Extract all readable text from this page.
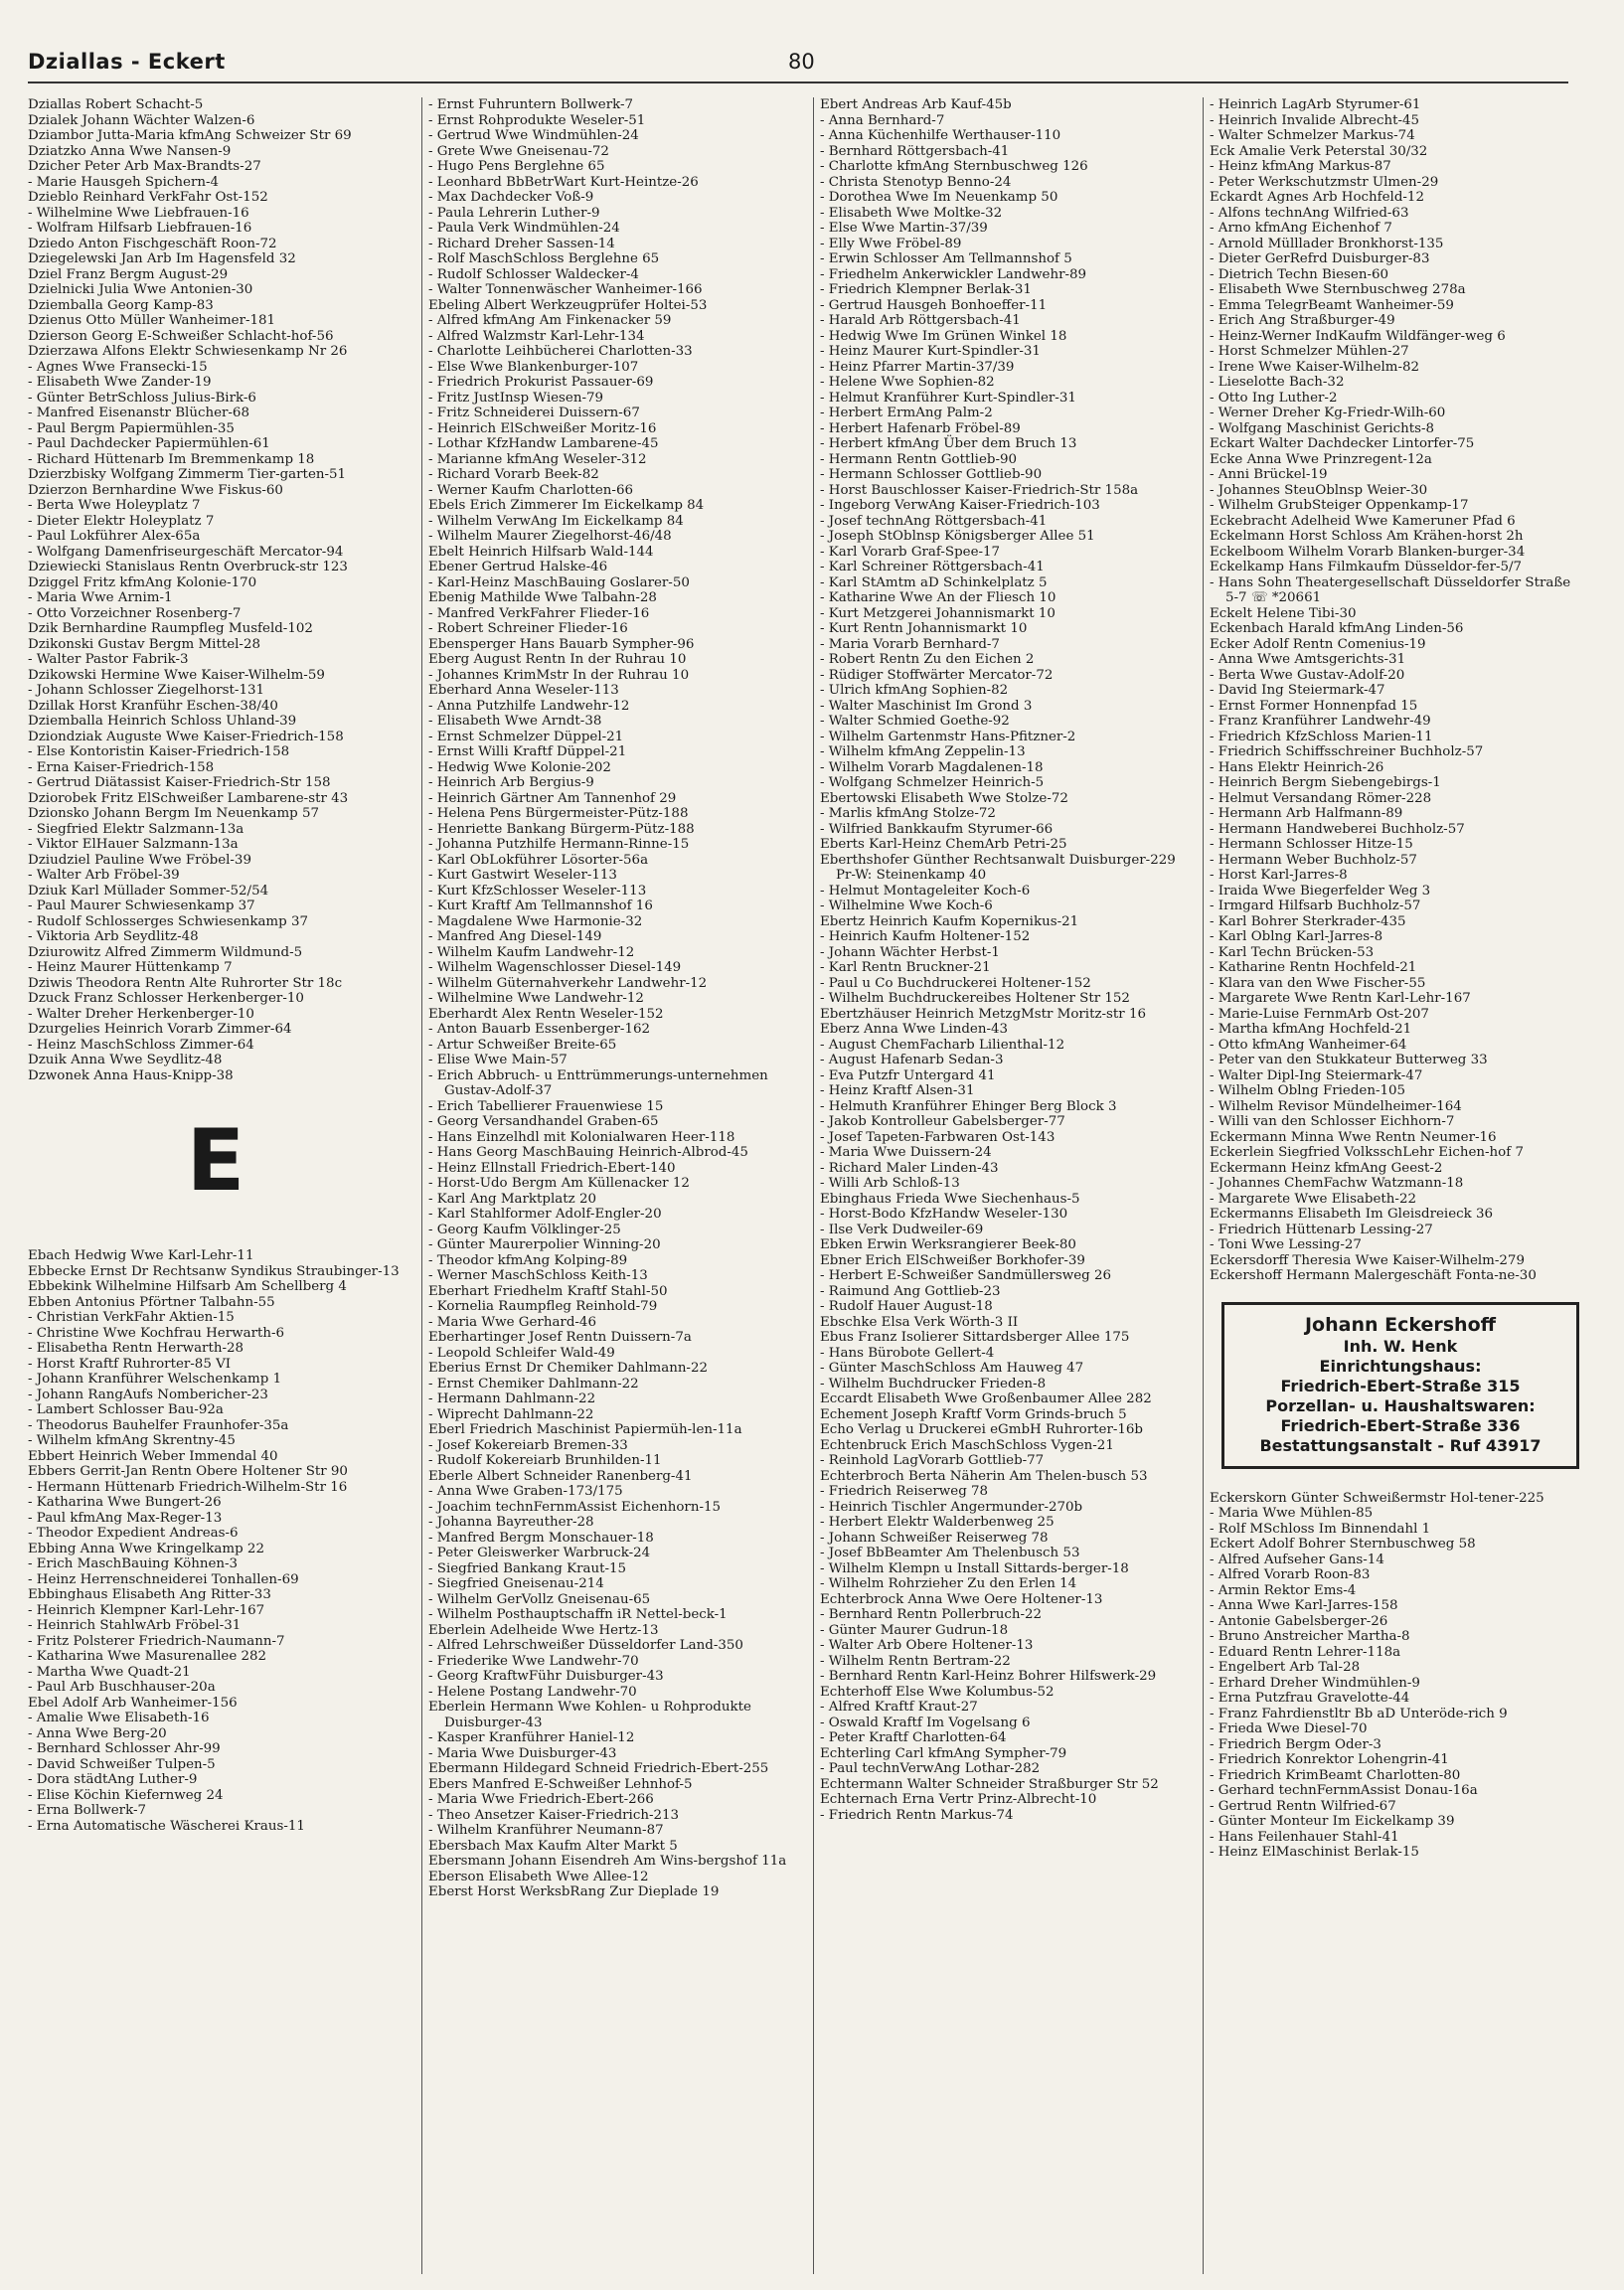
Dziallas - Eckert	80

Dziallas Robert Schacht-5

Dzialek Johann Wächter Walzen-6

Dziambor Jutta-Maria kfmAng Schweizer Str 69

Dziatzko Anna Wwe Nansen-9

Dzicher Peter Arb Max-Brandts-27

- Marie Hausgeh Spichern-4

Dzieblo Reinhard VerkFahr Ost-152

- Wilhelmine Wwe Liebfrauen-16

- Wolfram Hilfsarb Liebfrauen-16

Dziedo Anton Fischgeschäft Roon-72

Dziegelewski Jan Arb Im Hagensfeld 32

Dziel Franz Bergm August-29

Dzielnicki Julia Wwe Antonien-30

Dziemballa Georg Kamp-83

Dzienus Otto Müller Wanheimer-181

Dzierson Georg E-Schweißer Schlacht-hof-56

Dzierzawa Alfons Elektr Schwiesenkamp Nr 26

- Agnes Wwe Fransecki-15

- Elisabeth Wwe Zander-19

- Günter BetrSchloss Julius-Birk-6

- Manfred Eisenanstr Blücher-68

- Paul Bergm Papiermühlen-35

- Paul Dachdecker Papiermühlen-61

- Richard Hüttenarb Im Bremmenkamp 18

Dzierzbisky Wolfgang Zimmerm Tier-garten-51

Dzierzon Bernhardine Wwe Fiskus-60

- Berta Wwe Holeyplatz 7

- Dieter Elektr Holeyplatz 7

- Paul Lokführer Alex-65a

- Wolfgang Damenfriseurgeschäft Mercator-94

Dziewiecki Stanislaus Rentn Overbruck-str 123

Dziggel Fritz kfmAng Kolonie-170

- Maria Wwe Arnim-1

- Otto Vorzeichner Rosenberg-7

Dzik Bernhardine Raumpfleg Musfeld-102

Dzikonski Gustav Bergm Mittel-28

- Walter Pastor Fabrik-3

Dzikowski Hermine Wwe Kaiser-Wilhelm-59

- Johann Schlosser Ziegelhorst-131

Dzillak Horst Kranführ Eschen-38/40

Dziemballa Heinrich Schloss Uhland-39

Dziondziak Auguste Wwe Kaiser-Friedrich-158

- Else Kontoristin Kaiser-Friedrich-158

- Erna Kaiser-Friedrich-158

- Gertrud Diätassist Kaiser-Friedrich-Str 158

Dziorobek Fritz ElSchweißer Lambarene-str 43

Dzionsko Johann Bergm Im Neuenkamp 57

- Siegfried Elektr Salzmann-13a

- Viktor ElHauer Salzmann-13a

Dziudziel Pauline Wwe Fröbel-39

- Walter Arb Fröbel-39

Dziuk Karl Müllader Sommer-52/54

- Paul Maurer Schwiesenkamp 37

- Rudolf Schlosserges Schwiesenkamp 37

- Viktoria Arb Seydlitz-48

Dziurowitz Alfred Zimmerm Wildmund-5

- Heinz Maurer Hüttenkamp 7

Dziwis Theodora Rentn Alte Ruhrorter Str 18c

Dzuck Franz Schlosser Herkenberger-10

- Walter Dreher Herkenberger-10

Dzurgelies Heinrich Vorarb Zimmer-64

- Heinz MaschSchloss Zimmer-64

Dzuik Anna Wwe Seydlitz-48

Dzwonek Anna Haus-Knipp-38

E

Ebach Hedwig Wwe Karl-Lehr-11

Ebbecke Ernst Dr Rechtsanw Syndikus Straubinger-13

Ebbekink Wilhelmine Hilfsarb Am Schellberg 4

Ebben Antonius Pförtner Talbahn-55

- Christian VerkFahr Aktien-15

- Christine Wwe Kochfrau Herwarth-6

- Elisabetha Rentn Herwarth-28

- Horst Kraftf Ruhrorter-85 VI

- Johann Kranführer Welschenkamp 1

- Johann RangAufs Nombericher-23

- Lambert Schlosser Bau-92a

- Theodorus Bauhelfer Fraunhofer-35a

- Wilhelm kfmAng Skrentny-45

Ebbert Heinrich Weber Immendal 40

Ebbers Gerrit-Jan Rentn Obere Holtener Str 90

- Hermann Hüttenarb Friedrich-Wilhelm-Str 16

- Katharina Wwe Bungert-26

- Paul kfmAng Max-Reger-13

- Theodor Expedient Andreas-6

Ebbing Anna Wwe Kringelkamp 22

- Erich MaschBauing Köhnen-3

- Heinz Herrenschneiderei Tonhallen-69

Ebbinghaus Elisabeth Ang Ritter-33

- Heinrich Klempner Karl-Lehr-167

- Heinrich StahlwArb Fröbel-31

- Fritz Polsterer Friedrich-Naumann-7

- Katharina Wwe Masurenallee 282

- Martha Wwe Quadt-21

- Paul Arb Buschhauser-20a

Ebel Adolf Arb Wanheimer-156

- Amalie Wwe Elisabeth-16

- Anna Wwe Berg-20

- Bernhard Schlosser Ahr-99

- David Schweißer Tulpen-5

- Dora städtAng Luther-9

- Elise Köchin Kiefernweg 24

- Erna Bollwerk-7

- Erna Automatische Wäscherei Kraus-11

- Ernst Fuhruntern Bollwerk-7

- Ernst Rohprodukte Weseler-51

- Gertrud Wwe Windmühlen-24

- Grete Wwe Gneisenau-72

- Hugo Pens Berglehne 65

- Leonhard BbBetrWart Kurt-Heintze-26

- Max Dachdecker Voß-9

- Paula Lehrerin Luther-9

- Paula Verk Windmühlen-24

- Richard Dreher Sassen-14

- Rolf MaschSchloss Berglehne 65

- Rudolf Schlosser Waldecker-4

- Walter Tonnenwäscher Wanheimer-166

Ebeling Albert Werkzeugprüfer Holtei-53

- Alfred kfmAng Am Finkenacker 59

- Alfred Walzmstr Karl-Lehr-134

- Charlotte Leihbücherei Charlotten-33

- Else Wwe Blankenburger-107

- Friedrich Prokurist Passauer-69

- Fritz JustInsp Wiesen-79

- Fritz Schneiderei Duissern-67

- Heinrich ElSchweißer Moritz-16

- Lothar KfzHandw Lambarene-45

- Marianne kfmAng Weseler-312

- Richard Vorarb Beek-82

- Werner Kaufm Charlotten-66

Ebels Erich Zimmerer Im Eickelkamp 84

- Wilhelm VerwAng Im Eickelkamp 84

- Wilhelm Maurer Ziegelhorst-46/48

Ebelt Heinrich Hilfsarb Wald-144

Ebener Gertrud Halske-46

- Karl-Heinz MaschBauing Goslarer-50

Ebenig Mathilde Wwe Talbahn-28

- Manfred VerkFahrer Flieder-16

- Robert Schreiner Flieder-16

Ebensperger Hans Bauarb Sympher-96

Eberg August Rentn In der Ruhrau 10

- Johannes KrimMstr In der Ruhrau 10

Eberhard Anna Weseler-113

- Anna Putzhilfe Landwehr-12

- Elisabeth Wwe Arndt-38

- Ernst Schmelzer Düppel-21

- Ernst Willi Kraftf Düppel-21

- Hedwig Wwe Kolonie-202

- Heinrich Arb Bergius-9

- Heinrich Gärtner Am Tannenhof 29

- Helena Pens Bürgermeister-Pütz-188

- Henriette Bankang Bürgerm-Pütz-188

- Johanna Putzhilfe Hermann-Rinne-15

- Karl ObLokführer Lösorter-56a

- Kurt Gastwirt Weseler-113

- Kurt KfzSchlosser Weseler-113

- Kurt Kraftf Am Tellmannshof 16

- Magdalene Wwe Harmonie-32

- Manfred Ang Diesel-149

- Wilhelm Kaufm Landwehr-12

- Wilhelm Wagenschlosser Diesel-149

- Wilhelm Güternahverkehr Landwehr-12

- Wilhelmine Wwe Landwehr-12

Eberhardt Alex Rentn Weseler-152

- Anton Bauarb Essenberger-162

- Artur Schweißer Breite-65

- Elise Wwe Main-57

- Erich Abbruch- u Enttrümmerungs-unternehmen Gustav-Adolf-37

- Erich Tabellierer Frauenwiese 15

- Georg Versandhandel Graben-65

- Hans Einzelhdl mit Kolonialwaren Heer-118

- Hans Georg MaschBauing Heinrich-Albrod-45

- Heinz Ellnstall Friedrich-Ebert-140

- Horst-Udo Bergm Am Küllenacker 12

- Karl Ang Marktplatz 20

- Karl Stahlformer Adolf-Engler-20

- Georg Kaufm Völklinger-25

- Günter Maurerpolier Winning-20

- Theodor kfmAng Kolping-89

- Werner MaschSchloss Keith-13

Eberhart Friedhelm Kraftf Stahl-50

- Kornelia Raumpfleg Reinhold-79

- Maria Wwe Gerhard-46

Eberhartinger Josef Rentn Duissern-7a

- Leopold Schleifer Wald-49

Eberius Ernst Dr Chemiker Dahlmann-22

- Ernst Chemiker Dahlmann-22

- Hermann Dahlmann-22

- Wiprecht Dahlmann-22

Eberl Friedrich Maschinist Papiermüh-len-11a

- Josef Kokereiarb Bremen-33

- Rudolf Kokereiarb Brunhilden-11

Eberle Albert Schneider Ranenberg-41

- Anna Wwe Graben-173/175

- Joachim technFernmAssist Eichenhorn-15

- Johanna Bayreuther-28

- Manfred Bergm Monschauer-18

- Peter Gleiswerker Warbruck-24

- Siegfried Bankang Kraut-15

- Siegfried Gneisenau-214

- Wilhelm GerVollz Gneisenau-65

- Wilhelm Posthauptschaffn iR Nettel-beck-1

Eberlein Adelheide Wwe Hertz-13

- Alfred Lehrschweißer Düsseldorfer Land-350

- Friederike Wwe Landwehr-70

- Georg KraftwFühr Duisburger-43

- Helene Postang Landwehr-70

Eberlein Hermann Wwe Kohlen- u Rohprodukte Duisburger-43

- Kasper Kranführer Haniel-12

- Maria Wwe Duisburger-43

Ebermann Hildegard Schneid Friedrich-Ebert-255

Ebers Manfred E-Schweißer Lehnhof-5

- Maria Wwe Friedrich-Ebert-266

- Theo Ansetzer Kaiser-Friedrich-213

- Wilhelm Kranführer Neumann-87

Ebersbach Max Kaufm Alter Markt 5

Ebersmann Johann Eisendreh Am Wins-bergshof 11a

Eberson Elisabeth Wwe Allee-12

Eberst Horst WerksbRang Zur Dieplade 19

Ebert Andreas Arb Kauf-45b

- Anna Bernhard-7

- Anna Küchenhilfe Werthauser-110

- Bernhard Röttgersbach-41

- Charlotte kfmAng Sternbuschweg 126

- Christa Stenotyp Benno-24

- Dorothea Wwe Im Neuenkamp 50

- Elisabeth Wwe Moltke-32

- Else Wwe Martin-37/39

- Elly Wwe Fröbel-89

- Erwin Schlosser Am Tellmannshof 5

- Friedhelm Ankerwickler Landwehr-89

- Friedrich Klempner Berlak-31

- Gertrud Hausgeh Bonhoeffer-11

- Harald Arb Röttgersbach-41

- Hedwig Wwe Im Grünen Winkel 18

- Heinz Maurer Kurt-Spindler-31

- Heinz Pfarrer Martin-37/39

- Helene Wwe Sophien-82

- Helmut Kranführer Kurt-Spindler-31

- Herbert ErmAng Palm-2

- Herbert Hafenarb Fröbel-89

- Herbert kfmAng Über dem Bruch 13

- Hermann Rentn Gottlieb-90

- Hermann Schlosser Gottlieb-90

- Horst Bauschlosser Kaiser-Friedrich-Str 158a

- Ingeborg VerwAng Kaiser-Friedrich-103

- Josef technAng Röttgersbach-41

- Joseph StOblnsp Königsberger Allee 51

- Karl Vorarb Graf-Spee-17

- Karl Schreiner Röttgersbach-41

- Karl StAmtm aD Schinkelplatz 5

- Katharine Wwe An der Fliesch 10

- Kurt Metzgerei Johannismarkt 10

- Kurt Rentn Johannismarkt 10

- Maria Vorarb Bernhard-7

- Robert Rentn Zu den Eichen 2

- Rüdiger Stoffwärter Mercator-72

- Ulrich kfmAng Sophien-82

- Walter Maschinist Im Grond 3

- Walter Schmied Goethe-92

- Wilhelm Gartenmstr Hans-Pfitzner-2

- Wilhelm kfmAng Zeppelin-13

- Wilhelm Vorarb Magdalenen-18

- Wolfgang Schmelzer Heinrich-5

Ebertowski Elisabeth Wwe Stolze-72

- Marlis kfmAng Stolze-72

- Wilfried Bankkaufm Styrumer-66

Eberts Karl-Heinz ChemArb Petri-25

Eberthshofer Günther Rechtsanwalt Duisburger-229 Pr-W: Steinenkamp 40

- Helmut Montageleiter Koch-6

- Wilhelmine Wwe Koch-6

Ebertz Heinrich Kaufm Kopernikus-21

- Heinrich Kaufm Holtener-152

- Johann Wächter Herbst-1

- Karl Rentn Bruckner-21

- Paul u Co Buchdruckerei Holtener-152

- Wilhelm Buchdruckereibes Holtener Str 152

Ebertzhäuser Heinrich MetzgMstr Moritz-str 16

Eberz Anna Wwe Linden-43

- August ChemFacharb Lilienthal-12

- August Hafenarb Sedan-3

- Eva Putzfr Untergard 41

- Heinz Kraftf Alsen-31

- Helmuth Kranführer Ehinger Berg Block 3

- Jakob Kontrolleur Gabelsberger-77

- Josef Tapeten-Farbwaren Ost-143

- Maria Wwe Duissern-24

- Richard Maler Linden-43

- Willi Arb Schloß-13

Ebinghaus Frieda Wwe Siechenhaus-5

- Horst-Bodo KfzHandw Weseler-130

- Ilse Verk Dudweiler-69

Ebken Erwin Werksrangierer Beek-80

Ebner Erich ElSchweißer Borkhofer-39

- Herbert E-Schweißer Sandmüllersweg 26

- Raimund Ang Gottlieb-23

- Rudolf Hauer August-18

Ebschke Elsa Verk Wörth-3 II

Ebus Franz Isolierer Sittardsberger Allee 175

- Hans Bürobote Gellert-4

- Günter MaschSchloss Am Hauweg 47

- Wilhelm Buchdrucker Frieden-8

Eccardt Elisabeth Wwe Großenbaumer Allee 282

Echement Joseph Kraftf Vorm Grinds-bruch 5

Echo Verlag u Druckerei eGmbH Ruhrorter-16b

Echtenbruck Erich MaschSchloss Vygen-21

- Reinhold LagVorarb Gottlieb-77

Echterbroch Berta Näherin Am Thelen-busch 53

- Friedrich Reiserweg 78

- Heinrich Tischler Angermunder-270b

- Herbert Elektr Walderbenweg 25

- Johann Schweißer Reiserweg 78

- Josef BbBeamter Am Thelenbusch 53

- Wilhelm Klempn u Install Sittards-berger-18

- Wilhelm Rohrzieher Zu den Erlen 14

Echterbrock Anna Wwe Oere Holtener-13

- Bernhard Rentn Pollerbruch-22

- Günter Maurer Gudrun-18

- Walter Arb Obere Holtener-13

- Wilhelm Rentn Bertram-22

- Bernhard Rentn Karl-Heinz Bohrer Hilfswerk-29

Echterhoff Else Wwe Kolumbus-52

- Alfred Kraftf Kraut-27

- Oswald Kraftf Im Vogelsang 6

- Peter Kraftf Charlotten-64

Echterling Carl kfmAng Sympher-79

- Paul technVerwAng Lothar-282

Echtermann Walter Schneider Straßburger Str 52

Echternach Erna Vertr Prinz-Albrecht-10

- Friedrich Rentn Markus-74

- Heinrich LagArb Styrumer-61

- Heinrich Invalide Albrecht-45

- Walter Schmelzer Markus-74

Eck Amalie Verk Peterstal 30/32

- Heinz kfmAng Markus-87

- Peter Werkschutzmstr Ulmen-29

Eckardt Agnes Arb Hochfeld-12

- Alfons technAng Wilfried-63

- Arno kfmAng Eichenhof 7

- Arnold Mülllader Bronkhorst-135

- Dieter GerRefrd Duisburger-83

- Dietrich Techn Biesen-60

- Elisabeth Wwe Sternbuschweg 278a

- Emma TelegrBeamt Wanheimer-59

- Erich Ang Straßburger-49

- Heinz-Werner IndKaufm Wildfänger-weg 6

- Horst Schmelzer Mühlen-27

- Irene Wwe Kaiser-Wilhelm-82

- Lieselotte Bach-32

- Otto Ing Luther-2

- Werner Dreher Kg-Friedr-Wilh-60

- Wolfgang Maschinist Gerichts-8

Eckart Walter Dachdecker Lintorfer-75

Ecke Anna Wwe Prinzregent-12a

- Anni Brückel-19

- Johannes SteuOblnsp Weier-30

- Wilhelm GrubSteiger Oppenkamp-17

Eckebracht Adelheid Wwe Kameruner Pfad 6

Eckelmann Horst Schloss Am Krähen-horst 2h

Eckelboom Wilhelm Vorarb Blanken-burger-34

Eckelkamp Hans Filmkaufm Düsseldor-fer-5/7

- Hans Sohn Theatergesellschaft Düsseldorfer Straße 5-7 ☏ *20661

Eckelt Helene Tibi-30

Eckenbach Harald kfmAng Linden-56

Ecker Adolf Rentn Comenius-19

- Anna Wwe Amtsgerichts-31

- Berta Wwe Gustav-Adolf-20

- David Ing Steiermark-47

- Ernst Former Honnenpfad 15

- Franz Kranführer Landwehr-49

- Friedrich KfzSchloss Marien-11

- Friedrich Schiffsschreiner Buchholz-57

- Hans Elektr Heinrich-26

- Heinrich Bergm Siebengebirgs-1

- Helmut Versandang Römer-228

- Hermann Arb Halfmann-89

- Hermann Handweberei Buchholz-57

- Hermann Schlosser Hitze-15

- Hermann Weber Buchholz-57

- Horst Karl-Jarres-8

- Iraida Wwe Biegerfelder Weg 3

- Irmgard Hilfsarb Buchholz-57

- Karl Bohrer Sterkrader-435

- Karl Oblng Karl-Jarres-8

- Karl Techn Brücken-53

- Katharine Rentn Hochfeld-21

- Klara van den Wwe Fischer-55

- Margarete Wwe Rentn Karl-Lehr-167

- Marie-Luise FernmArb Ost-207

- Martha kfmAng Hochfeld-21

- Otto kfmAng Wanheimer-64

- Peter van den Stukkateur Butterweg 33

- Walter Dipl-Ing Steiermark-47

- Wilhelm Oblng Frieden-105

- Wilhelm Revisor Mündelheimer-164

- Willi van den Schlosser Eichhorn-7

Eckermann Minna Wwe Rentn Neumer-16

Eckerlein Siegfried VolksschLehr Eichen-hof 7

Eckermann Heinz kfmAng Geest-2

- Johannes ChemFachw Watzmann-18

- Margarete Wwe Elisabeth-22

Eckermanns Elisabeth Im Gleisdreieck 36

- Friedrich Hüttenarb Lessing-27

- Toni Wwe Lessing-27

Eckersdorff Theresia Wwe Kaiser-Wilhelm-279

Eckershoff Hermann Malergeschäft Fonta-ne-30

Johann Eckershoff
Inh. W. Henk
Einrichtungshaus:
Friedrich-Ebert-Straße 315
Porzellan- u. Haushaltswaren:
Friedrich-Ebert-Straße 336
Bestattungsanstalt - Ruf 43917

Eckerskorn Günter Schweißermstr Hol-tener-225

- Maria Wwe Mühlen-85

- Rolf MSchloss Im Binnendahl 1

Eckert Adolf Bohrer Sternbuschweg 58

- Alfred Aufseher Gans-14

- Alfred Vorarb Roon-83

- Armin Rektor Ems-4

- Anna Wwe Karl-Jarres-158

- Antonie Gabelsberger-26

- Bruno Anstreicher Martha-8

- Eduard Rentn Lehrer-118a

- Engelbert Arb Tal-28

- Erhard Dreher Windmühlen-9

- Erna Putzfrau Gravelotte-44

- Franz Fahrdienstltr Bb aD Unteröde-rich 9

- Frieda Wwe Diesel-70

- Friedrich Bergm Oder-3

- Friedrich Konrektor Lohengrin-41

- Friedrich KrimBeamt Charlotten-80

- Gerhard technFernmAssist Donau-16a

- Gertrud Rentn Wilfried-67

- Günter Monteur Im Eickelkamp 39

- Hans Feilenhauer Stahl-41

- Heinz ElMaschinist Berlak-15
